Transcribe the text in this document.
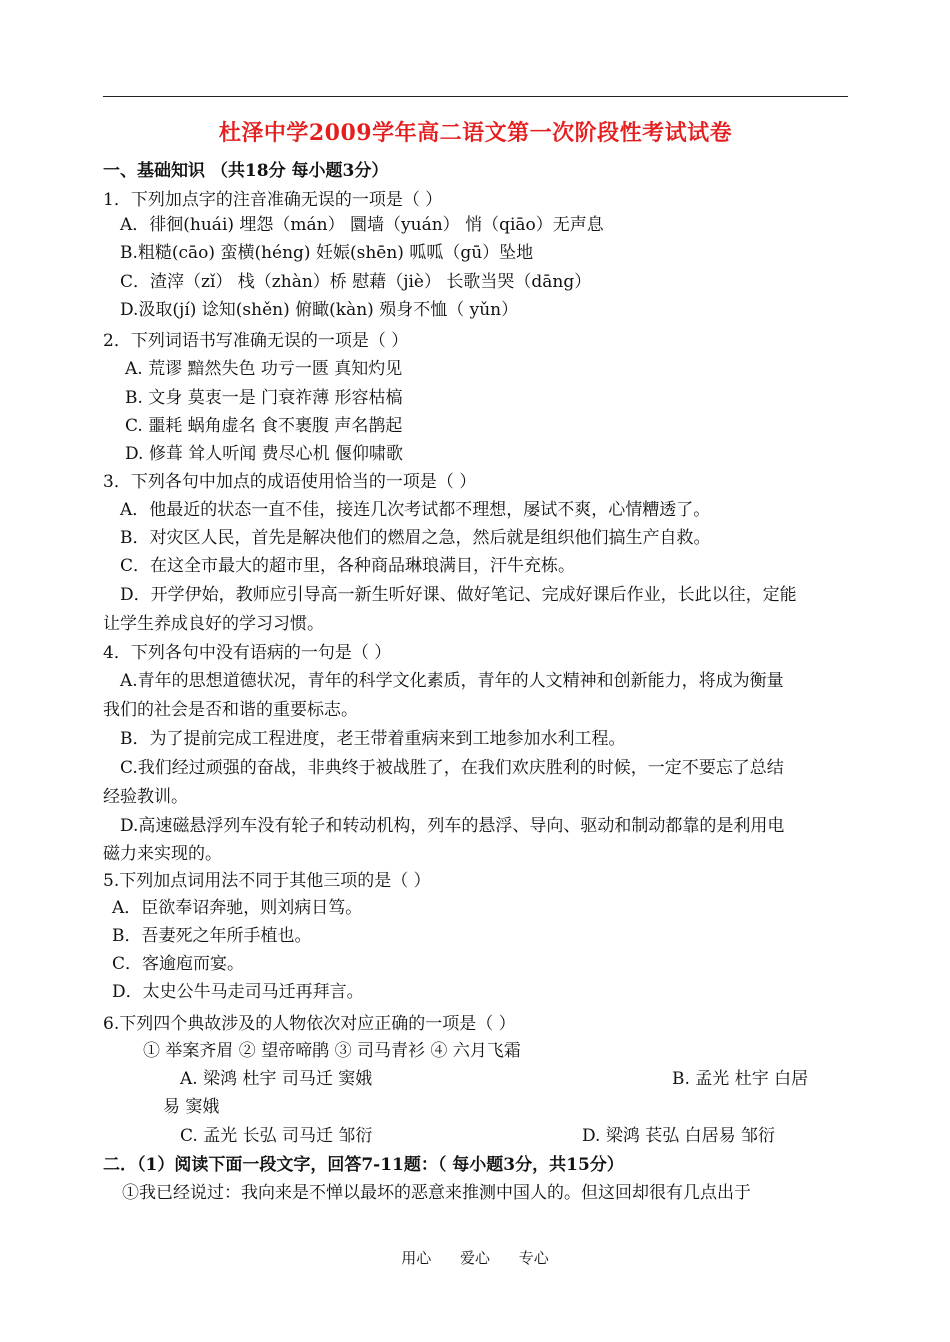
杜泽中学2009学年高二语文第一次阶段性考试试卷
一、基础知识 （共18分 每小题3分）
1．下列加点字的注音准确无误的一项是（ ）
A．徘徊(huái) 埋怨（mán） 圜墙（yuán） 悄（qiāo）无声息
B.粗糙(cāo) 蛮横(héng) 妊娠(shēn) 呱呱（gū）坠地
C．渣滓（zǐ） 栈（zhàn）桥 慰藉（jiè） 长歌当哭（dāng）
D.汲取(jí) 谂知(shěn) 俯瞰(kàn) 殒身不恤（ yǔn）
2．下列词语书写准确无误的一项是（ ）
A. 荒谬 黯然失色 功亏一匮 真知灼见
B. 文身 莫衷一是 门衰祚薄 形容枯槁
C. 噩耗 蜗角虚名 食不裹腹 声名鹊起
D. 修葺 耸人听闻 费尽心机 偃仰啸歌
3．下列各句中加点的成语使用恰当的一项是（ ）
A．他最近的状态一直不佳，接连几次考试都不理想，屡试不爽，心情糟透了。
B．对灾区人民，首先是解决他们的燃眉之急，然后就是组织他们搞生产自救。
C．在这全市最大的超市里，各种商品琳琅满目，汗牛充栋。
D．开学伊始，教师应引导高一新生听好课、做好笔记、完成好课后作业，长此以往，定能
让学生养成良好的学习习惯。
4．下列各句中没有语病的一句是（ ）
A.青年的思想道德状况，青年的科学文化素质，青年的人文精神和创新能力，将成为衡量
我们的社会是否和谐的重要标志。
B．为了提前完成工程进度，老王带着重病来到工地参加水利工程。
C.我们经过顽强的奋战，非典终于被战胜了，在我们欢庆胜利的时候，一定不要忘了总结
经验教训。
D.高速磁悬浮列车没有轮子和转动机构，列车的悬浮、导向、驱动和制动都靠的是利用电
磁力来实现的。
5.下列加点词用法不同于其他三项的是（ ）
A．臣欲奉诏奔驰，则刘病日笃。
B．吾妻死之年所手植也。
C．客逾庖而宴。
D．太史公牛马走司马迁再拜言。
6.下列四个典故涉及的人物依次对应正确的一项是（ ）
① 举案齐眉 ② 望帝啼鹃 ③ 司马青衫 ④ 六月飞霜
A. 梁鸿 杜宇 司马迁 窦娥	B. 孟光 杜宇 白居
易 窦娥
C. 孟光 长弘 司马迁 邹衍	D. 梁鸿 苌弘 白居易 邹衍
二．（1）阅读下面一段文字，回答7-11题：（ 每小题3分，共15分）
①我已经说过：我向来是不惮以最坏的恶意来推测中国人的。但这回却很有几点出于
用心 爱心 专心
